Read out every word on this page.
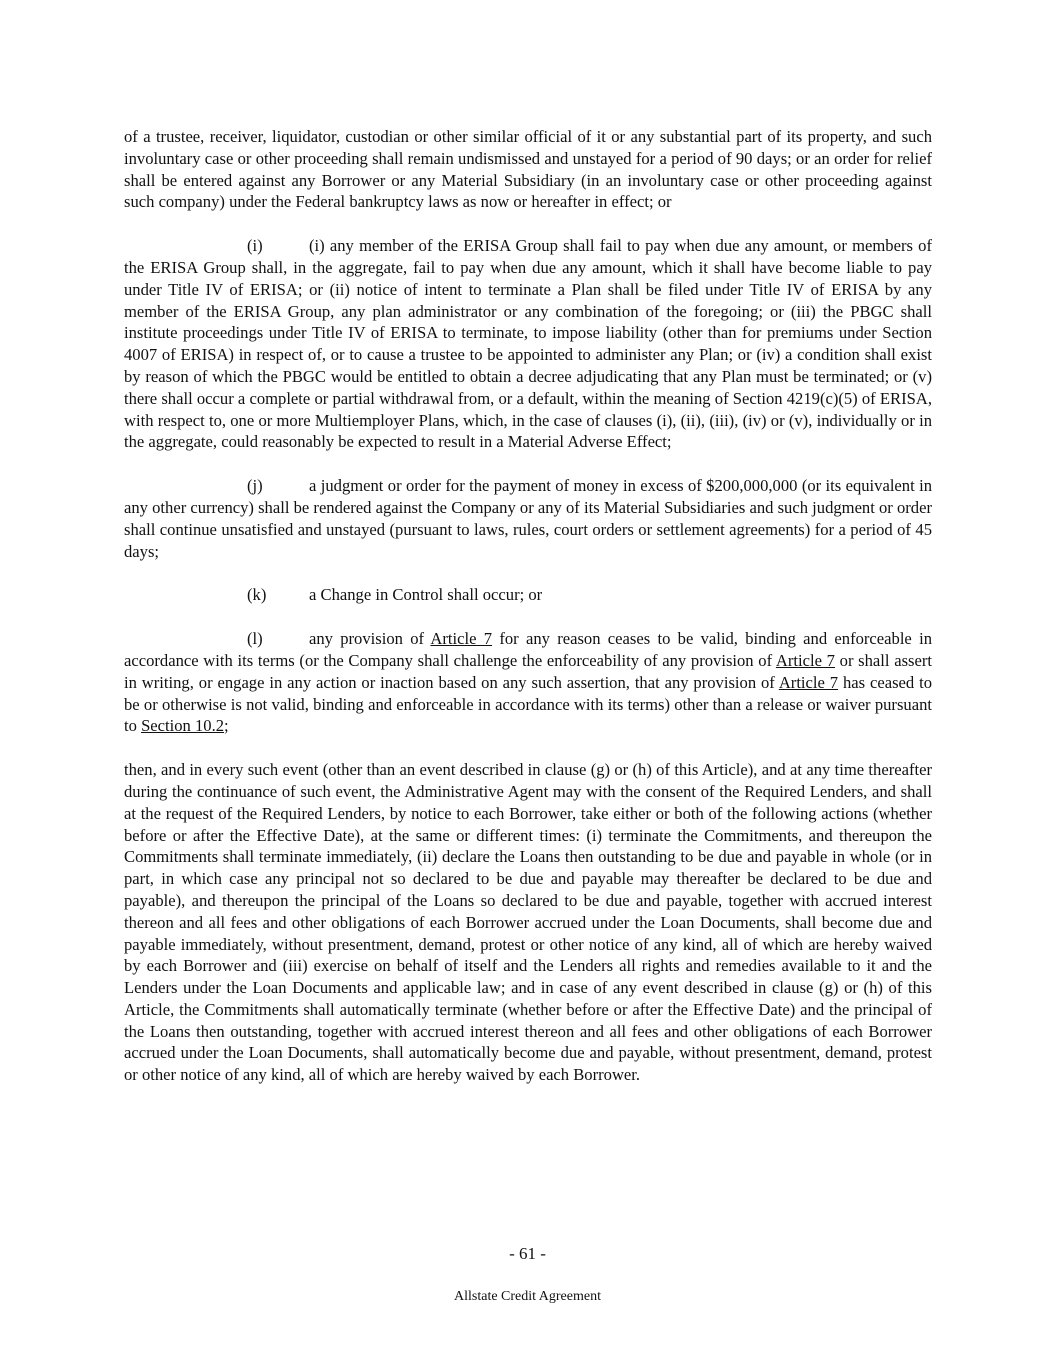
of a trustee, receiver, liquidator, custodian or other similar official of it or any substantial part of its property, and such involuntary case or other proceeding shall remain undismissed and unstayed for a period of 90 days; or an order for relief shall be entered against any Borrower or any Material Subsidiary (in an involuntary case or other proceeding against such company) under the Federal bankruptcy laws as now or hereafter in effect; or

(i)	(i) any member of the ERISA Group shall fail to pay when due any amount, or members of the ERISA Group shall, in the aggregate, fail to pay when due any amount, which it shall have become liable to pay under Title IV of ERISA; or (ii) notice of intent to terminate a Plan shall be filed under Title IV of ERISA by any member of the ERISA Group, any plan administrator or any combination of the foregoing; or (iii) the PBGC shall institute proceedings under Title IV of ERISA to terminate, to impose liability (other than for premiums under Section 4007 of ERISA) in respect of, or to cause a trustee to be appointed to administer any Plan; or (iv) a condition shall exist by reason of which the PBGC would be entitled to obtain a decree adjudicating that any Plan must be terminated; or (v) there shall occur a complete or partial withdrawal from, or a default, within the meaning of Section 4219(c)(5) of ERISA, with respect to, one or more Multiemployer Plans, which, in the case of clauses (i), (ii), (iii), (iv) or (v), individually or in the aggregate, could reasonably be expected to result in a Material Adverse Effect;

(j)	a judgment or order for the payment of money in excess of $200,000,000 (or its equivalent in any other currency) shall be rendered against the Company or any of its Material Subsidiaries and such judgment or order shall continue unsatisfied and unstayed (pursuant to laws, rules, court orders or settlement agreements) for a period of 45 days;

(k)	a Change in Control shall occur; or

(l)	any provision of Article 7 for any reason ceases to be valid, binding and enforceable in accordance with its terms (or the Company shall challenge the enforceability of any provision of Article 7 or shall assert in writing, or engage in any action or inaction based on any such assertion, that any provision of Article 7 has ceased to be or otherwise is not valid, binding and enforceable in accordance with its terms) other than a release or waiver pursuant to Section 10.2;

then, and in every such event (other than an event described in clause (g) or (h) of this Article), and at any time thereafter during the continuance of such event, the Administrative Agent may with the consent of the Required Lenders, and shall at the request of the Required Lenders, by notice to each Borrower, take either or both of the following actions (whether before or after the Effective Date), at the same or different times: (i) terminate the Commitments, and thereupon the Commitments shall terminate immediately, (ii) declare the Loans then outstanding to be due and payable in whole (or in part, in which case any principal not so declared to be due and payable may thereafter be declared to be due and payable), and thereupon the principal of the Loans so declared to be due and payable, together with accrued interest thereon and all fees and other obligations of each Borrower accrued under the Loan Documents, shall become due and payable immediately, without presentment, demand, protest or other notice of any kind, all of which are hereby waived by each Borrower and (iii) exercise on behalf of itself and the Lenders all rights and remedies available to it and the Lenders under the Loan Documents and applicable law; and in case of any event described in clause (g) or (h) of this Article, the Commitments shall automatically terminate (whether before or after the Effective Date) and the principal of the Loans then outstanding, together with accrued interest thereon and all fees and other obligations of each Borrower accrued under the Loan Documents, shall automatically become due and payable, without presentment, demand, protest or other notice of any kind, all of which are hereby waived by each Borrower.

- 61 -
Allstate Credit Agreement
